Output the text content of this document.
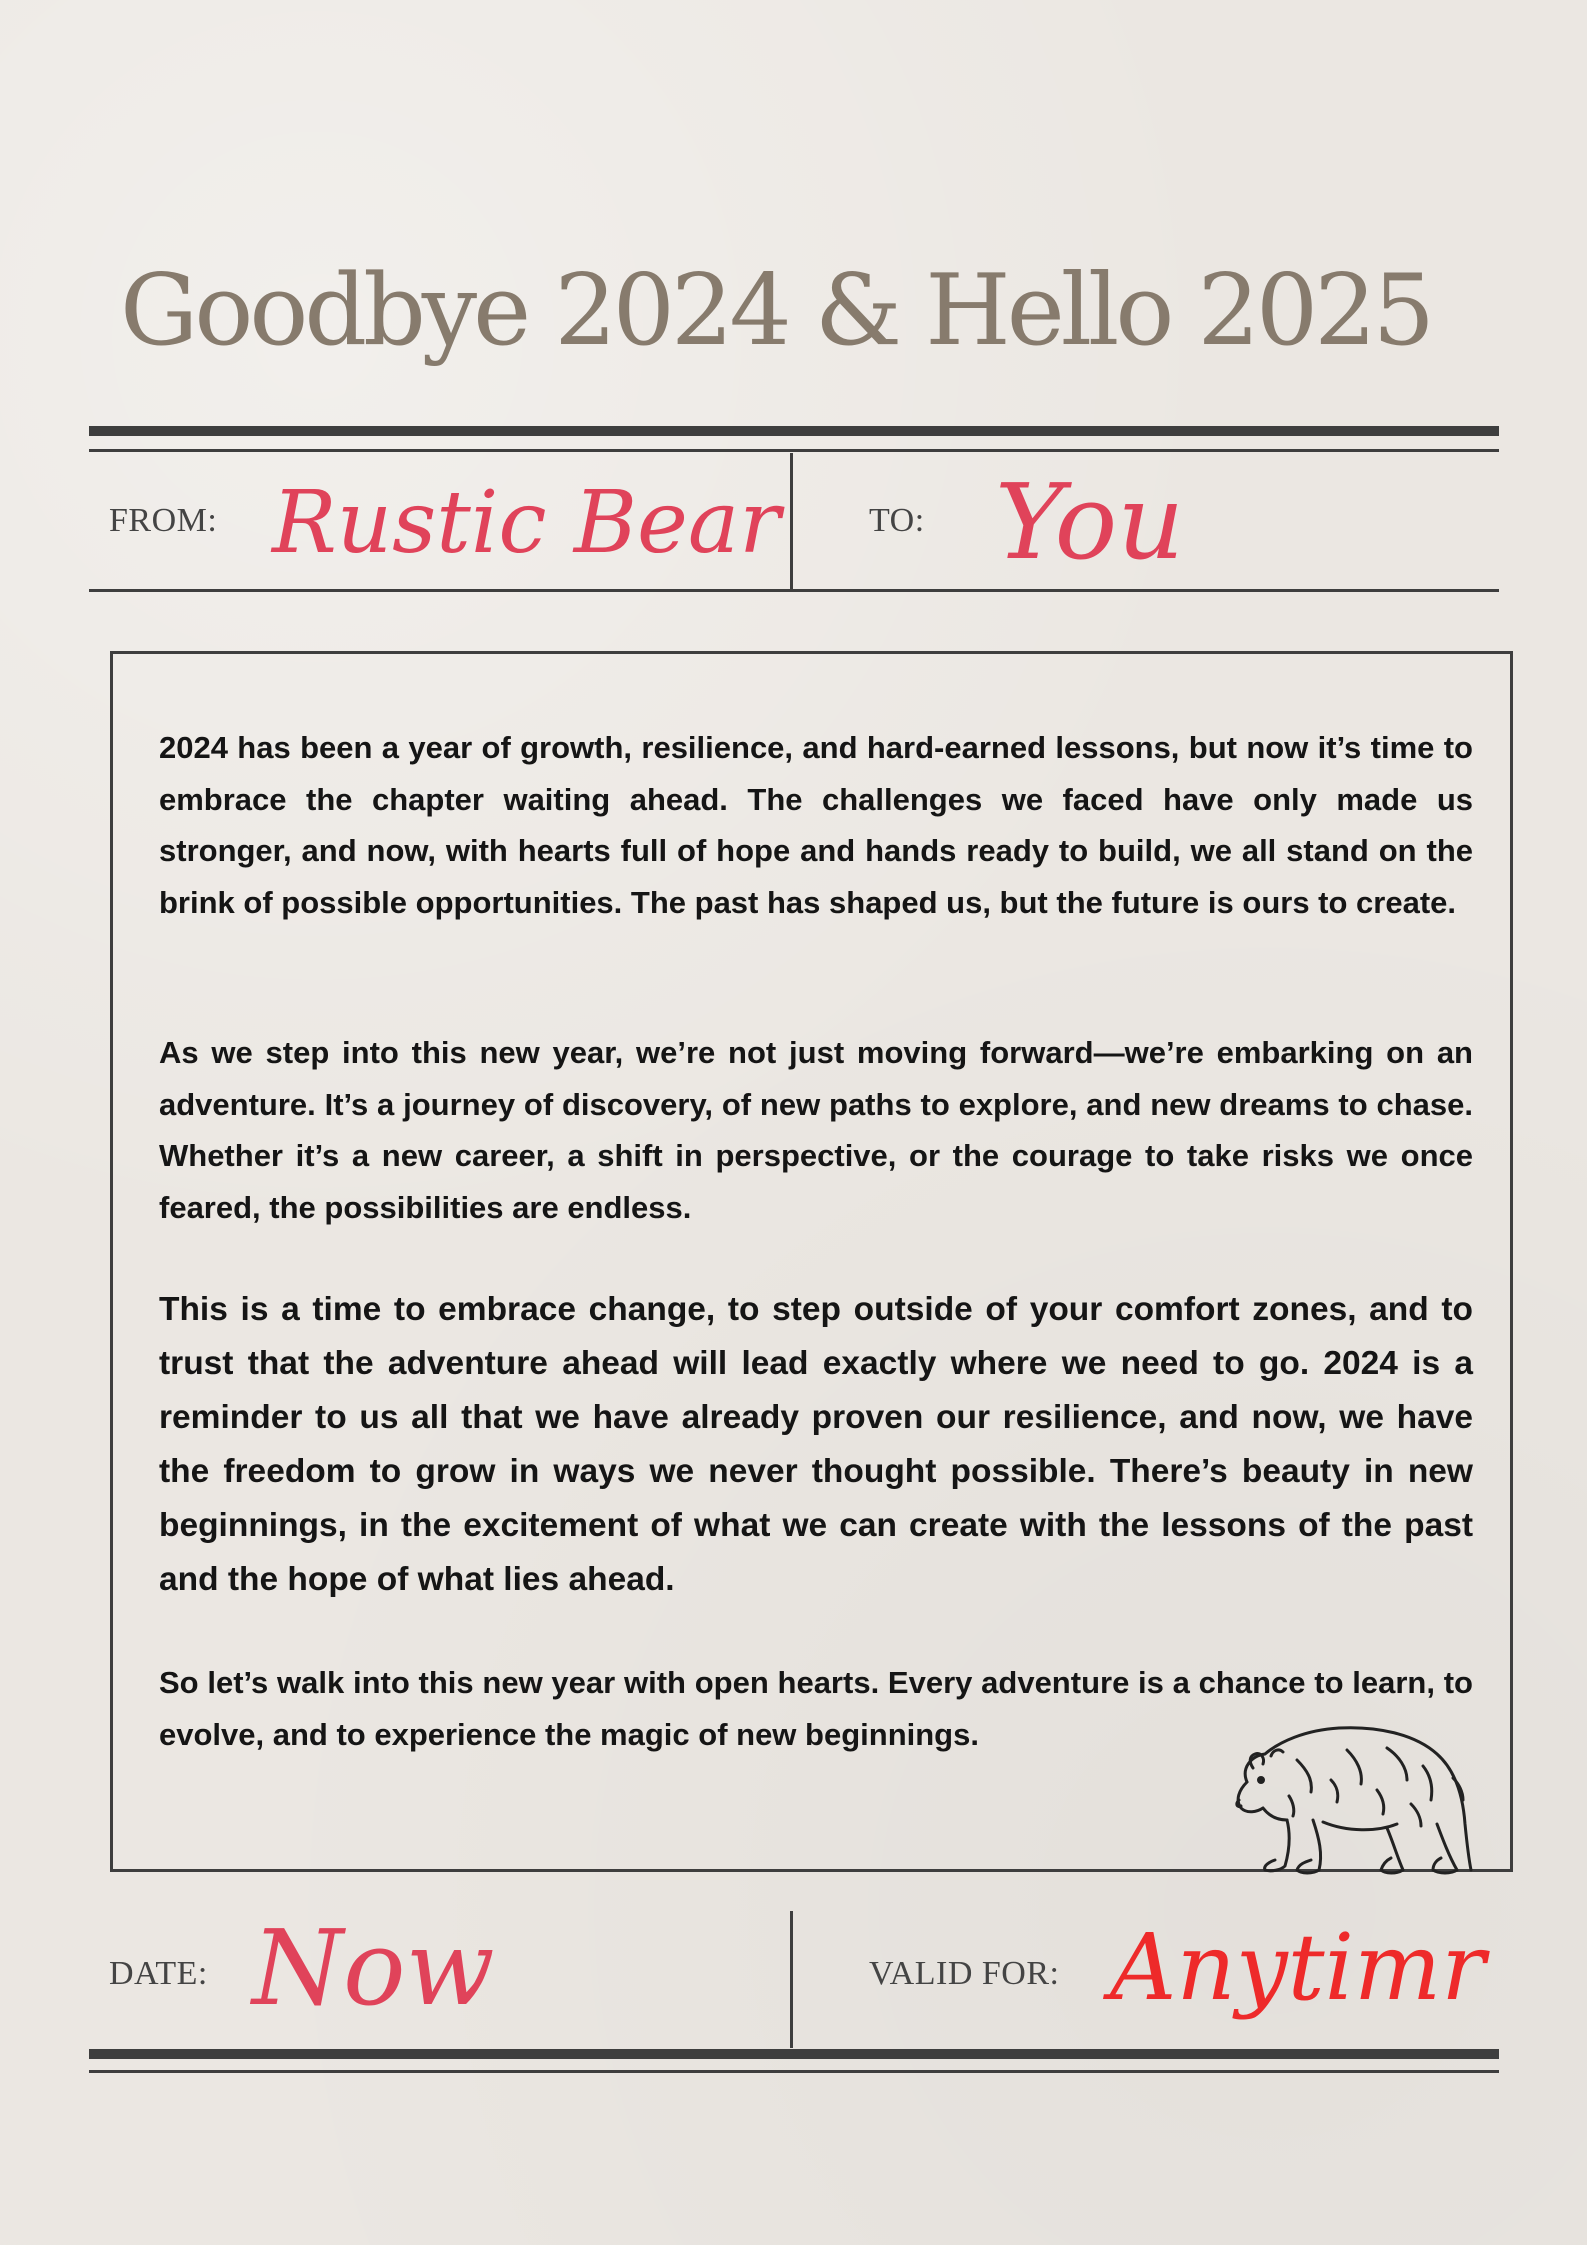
Goodbye 2024 & Hello 2025
FROM: Rustic Bear	TO: You
2024 has been a year of growth, resilience, and hard-earned lessons, but now it’s time to embrace the chapter waiting ahead. The challenges we faced have only made us stronger, and now, with hearts full of hope and hands ready to build, we all stand on the brink of possible opportunities. The past has shaped us, but the future is ours to create.
As we step into this new year, we’re not just moving forward—we’re embarking on an adventure. It’s a journey of discovery, of new paths to explore, and new dreams to chase. Whether it’s a new career, a shift in perspective, or the courage to take risks we once feared, the possibilities are endless.
This is a time to embrace change, to step outside of your comfort zones, and to trust that the adventure ahead will lead exactly where we need to go. 2024 is a reminder to us all that we have already proven our resilience, and now, we have the freedom to grow in ways we never thought possible. There’s beauty in new beginnings, in the excitement of what we can create with the lessons of the past and the hope of what lies ahead.
So let’s walk into this new year with open hearts. Every adventure is a chance to learn, to evolve, and to experience the magic of new beginnings.
DATE: Now	VALID FOR: Anytimr
